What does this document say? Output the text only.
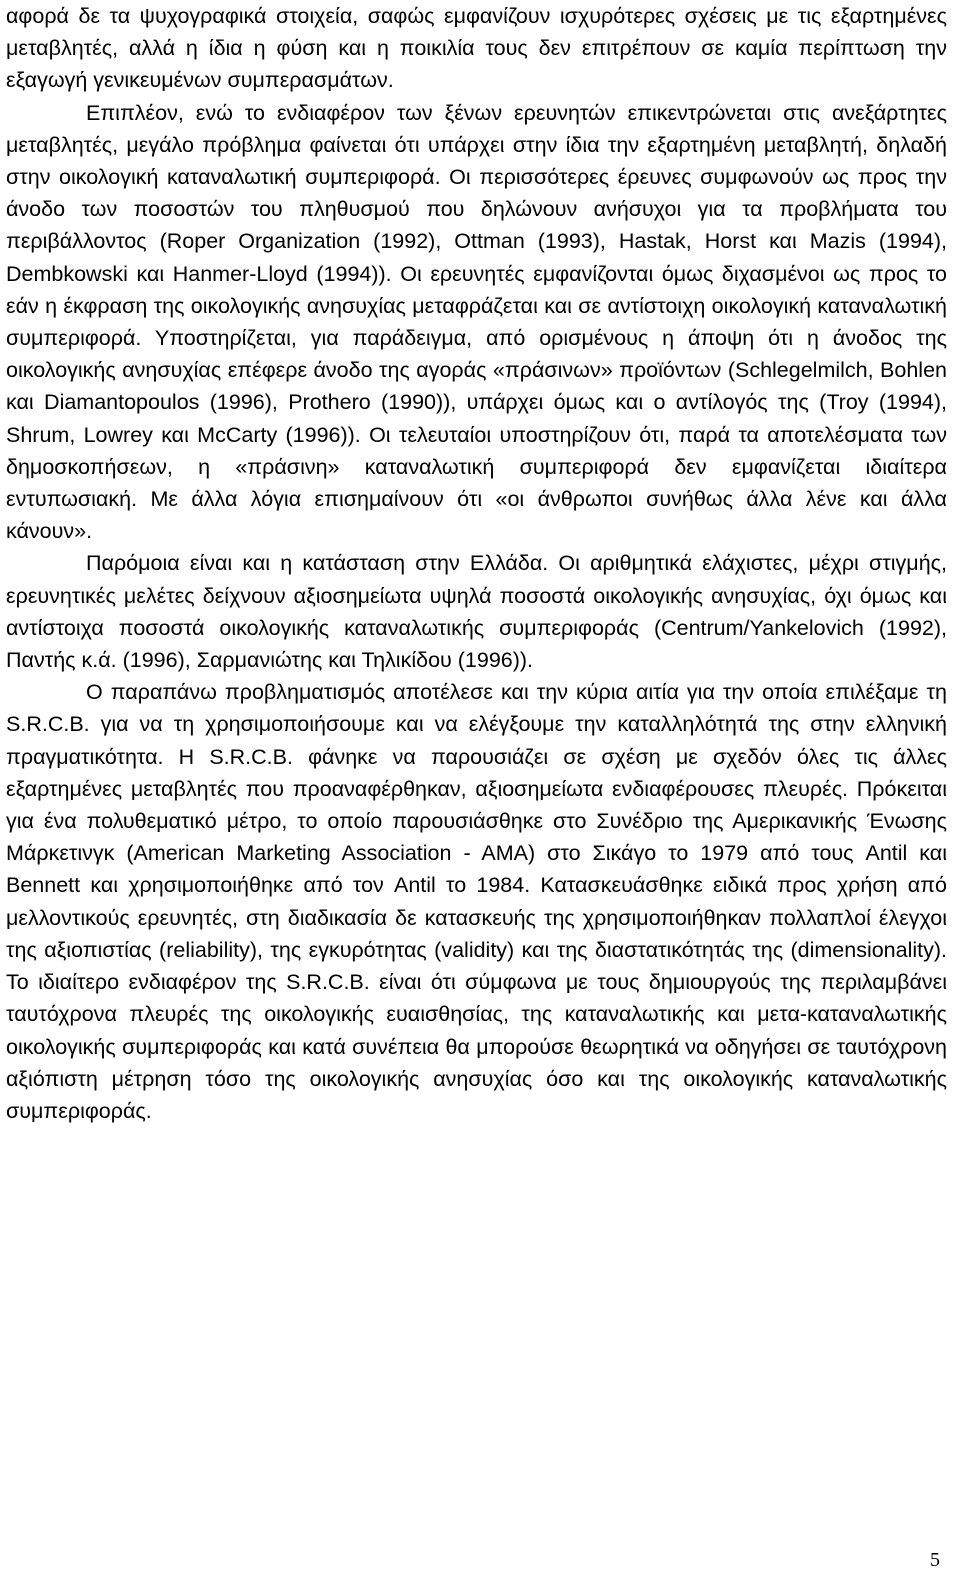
αφορά δε τα ψυχογραφικά στοιχεία, σαφώς εμφανίζουν ισχυρότερες σχέσεις με τις εξαρτημένες μεταβλητές, αλλά η ίδια η φύση και η ποικιλία τους δεν επιτρέπουν σε καμία περίπτωση την εξαγωγή γενικευμένων συμπερασμάτων.

Επιπλέον, ενώ το ενδιαφέρον των ξένων ερευνητών επικεντρώνεται στις ανεξάρτητες μεταβλητές, μεγάλο πρόβλημα φαίνεται ότι υπάρχει στην ίδια την εξαρτημένη μεταβλητή, δηλαδή στην οικολογική καταναλωτική συμπεριφορά. Οι περισσότερες έρευνες συμφωνούν ως προς την άνοδο των ποσοστών του πληθυσμού που δηλώνουν ανήσυχοι για τα προβλήματα του περιβάλλοντος (Roper Organization (1992), Ottman (1993), Hastak, Horst και Mazis (1994), Dembkowski και Hanmer-Lloyd (1994)). Οι ερευνητές εμφανίζονται όμως διχασμένοι ως προς το εάν η έκφραση της οικολογικής ανησυχίας μεταφράζεται και σε αντίστοιχη οικολογική καταναλωτική συμπεριφορά. Υποστηρίζεται, για παράδειγμα, από ορισμένους η άποψη ότι η άνοδος της οικολογικής ανησυχίας επέφερε άνοδο της αγοράς «πράσινων» προϊόντων (Schlegelmilch, Bohlen και Diamantopoulos (1996), Prothero (1990)), υπάρχει όμως και ο αντίλογός της (Troy (1994), Shrum, Lowrey και McCarty (1996)). Οι τελευταίοι υποστηρίζουν ότι, παρά τα αποτελέσματα των δημοσκοπήσεων, η «πράσινη» καταναλωτική συμπεριφορά δεν εμφανίζεται ιδιαίτερα εντυπωσιακή. Με άλλα λόγια επισημαίνουν ότι «οι άνθρωποι συνήθως άλλα λένε και άλλα κάνουν».

Παρόμοια είναι και η κατάσταση στην Ελλάδα. Οι αριθμητικά ελάχιστες, μέχρι στιγμής, ερευνητικές μελέτες δείχνουν αξιοσημείωτα υψηλά ποσοστά οικολογικής ανησυχίας, όχι όμως και αντίστοιχα ποσοστά οικολογικής καταναλωτικής συμπεριφοράς (Centrum/Yankelovich (1992), Παντής κ.ά. (1996), Σαρμανιώτης και Τηλικίδου (1996)).

Ο παραπάνω προβληματισμός αποτέλεσε και την κύρια αιτία για την οποία επιλέξαμε τη S.R.C.B. για να τη χρησιμοποιήσουμε και να ελέγξουμε την καταλληλότητά της στην ελληνική πραγματικότητα. Η S.R.C.B. φάνηκε να παρουσιάζει σε σχέση με σχεδόν όλες τις άλλες εξαρτημένες μεταβλητές που προαναφέρθηκαν, αξιοσημείωτα ενδιαφέρουσες πλευρές. Πρόκειται για ένα πολυθεματικό μέτρο, το οποίο παρουσιάσθηκε στο Συνέδριο της Αμερικανικής Ένωσης Μάρκετινγκ (American Marketing Association - AMA) στο Σικάγο το 1979 από τους Antil και Bennett και χρησιμοποιήθηκε από τον Antil το 1984. Κατασκευάσθηκε ειδικά προς χρήση από μελλοντικούς ερευνητές, στη διαδικασία δε κατασκευής της χρησιμοποιήθηκαν πολλαπλοί έλεγχοι της αξιοπιστίας (reliability), της εγκυρότητας (validity) και της διαστατικότητάς της (dimensionality). Το ιδιαίτερο ενδιαφέρον της S.R.C.B. είναι ότι σύμφωνα με τους δημιουργούς της περιλαμβάνει ταυτόχρονα πλευρές της οικολογικής ευαισθησίας, της καταναλωτικής και μετα-καταναλωτικής οικολογικής συμπεριφοράς και κατά συνέπεια θα μπορούσε θεωρητικά να οδηγήσει σε ταυτόχρονη αξιόπιστη μέτρηση τόσο της οικολογικής ανησυχίας όσο και της οικολογικής καταναλωτικής συμπεριφοράς.

5
